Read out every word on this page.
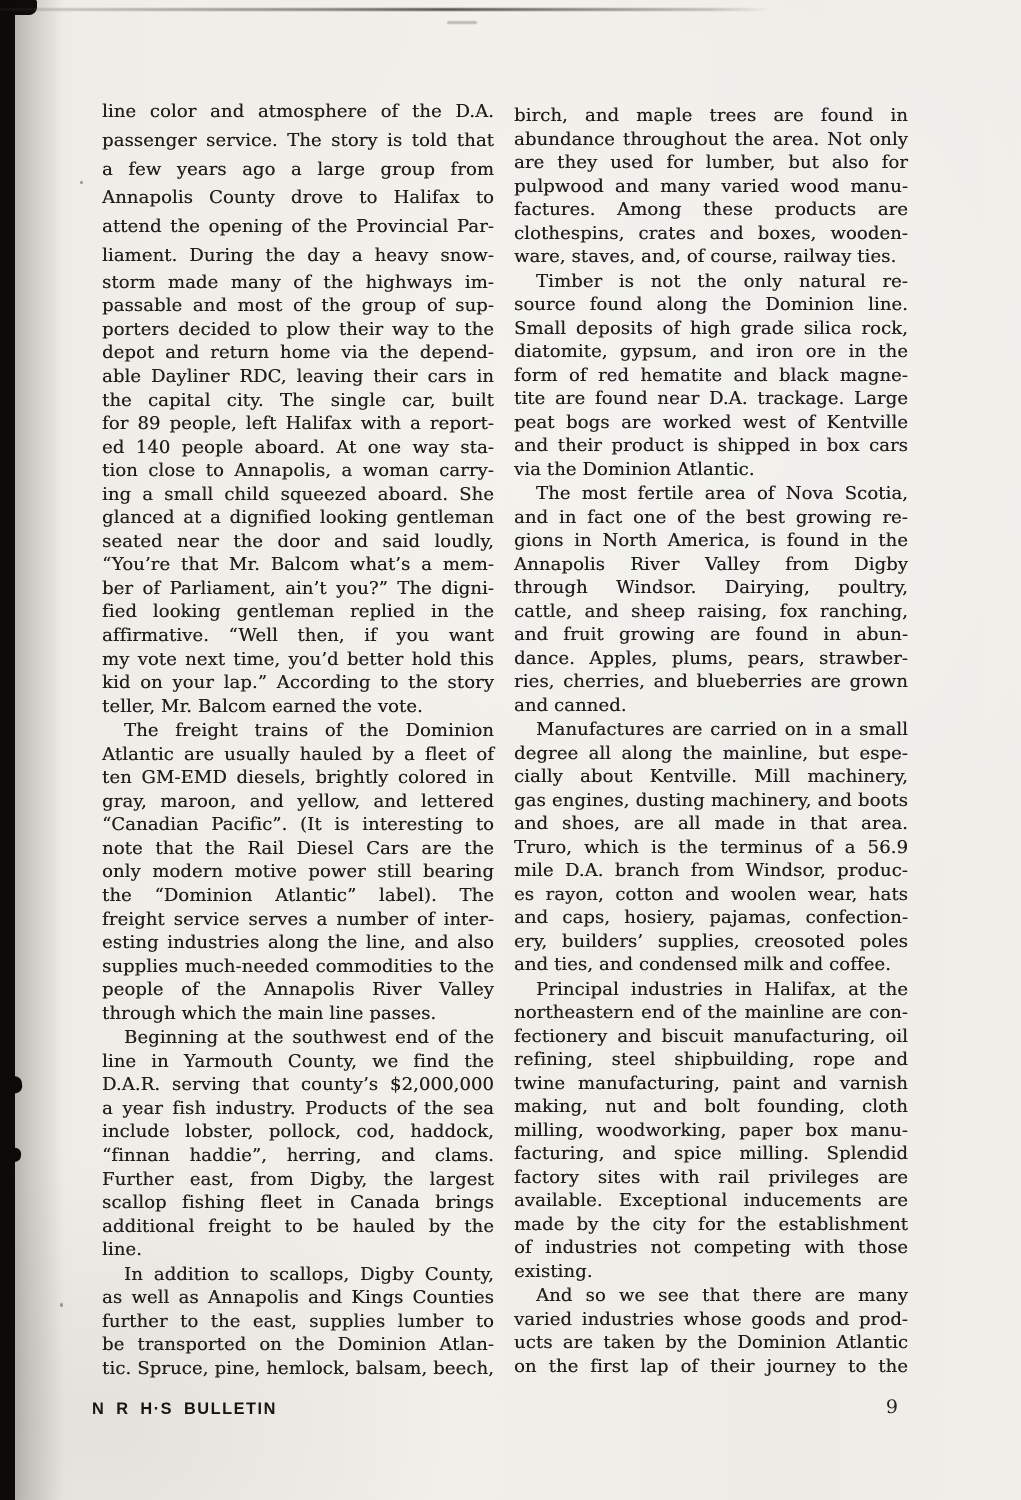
line color and atmosphere of the D.A.
passenger service. The story is told that
a few years ago a large group from
Annapolis County drove to Halifax to
attend the opening of the Provincial Par-
liament. During the day a heavy snow-
storm made many of the highways im-
passable and most of the group of sup-
porters decided to plow their way to the
depot and return home via the depend-
able Dayliner RDC, leaving their cars in
the capital city. The single car, built
for 89 people, left Halifax with a report-
ed 140 people aboard. At one way sta-
tion close to Annapolis, a woman carry-
ing a small child squeezed aboard. She
glanced at a dignified looking gentleman
seated near the door and said loudly,
“You’re that Mr. Balcom what’s a mem-
ber of Parliament, ain’t you?” The digni-
fied looking gentleman replied in the
affirmative. “Well then, if you want
my vote next time, you’d better hold this
kid on your lap.” According to the story
teller, Mr. Balcom earned the vote.
The freight trains of the Dominion
Atlantic are usually hauled by a fleet of
ten GM-EMD diesels, brightly colored in
gray, maroon, and yellow, and lettered
“Canadian Pacific”. (It is interesting to
note that the Rail Diesel Cars are the
only modern motive power still bearing
the “Dominion Atlantic” label). The
freight service serves a number of inter-
esting industries along the line, and also
supplies much-needed commodities to the
people of the Annapolis River Valley
through which the main line passes.
Beginning at the southwest end of the
line in Yarmouth County, we find the
D.A.R. serving that county’s $2,000,000
a year fish industry. Products of the sea
include lobster, pollock, cod, haddock,
“finnan haddie”, herring, and clams.
Further east, from Digby, the largest
scallop fishing fleet in Canada brings
additional freight to be hauled by the
line.
In addition to scallops, Digby County,
as well as Annapolis and Kings Counties
further to the east, supplies lumber to
be transported on the Dominion Atlan-
tic. Spruce, pine, hemlock, balsam, beech,
birch, and maple trees are found in
abundance throughout the area. Not only
are they used for lumber, but also for
pulpwood and many varied wood manu-
factures. Among these products are
clothespins, crates and boxes, wooden-
ware, staves, and, of course, railway ties.
Timber is not the only natural re-
source found along the Dominion line.
Small deposits of high grade silica rock,
diatomite, gypsum, and iron ore in the
form of red hematite and black magne-
tite are found near D.A. trackage. Large
peat bogs are worked west of Kentville
and their product is shipped in box cars
via the Dominion Atlantic.
The most fertile area of Nova Scotia,
and in fact one of the best growing re-
gions in North America, is found in the
Annapolis River Valley from Digby
through Windsor. Dairying, poultry,
cattle, and sheep raising, fox ranching,
and fruit growing are found in abun-
dance. Apples, plums, pears, strawber-
ries, cherries, and blueberries are grown
and canned.
Manufactures are carried on in a small
degree all along the mainline, but espe-
cially about Kentville. Mill machinery,
gas engines, dusting machinery, and boots
and shoes, are all made in that area.
Truro, which is the terminus of a 56.9
mile D.A. branch from Windsor, produc-
es rayon, cotton and woolen wear, hats
and caps, hosiery, pajamas, confection-
ery, builders’ supplies, creosoted poles
and ties, and condensed milk and coffee.
Principal industries in Halifax, at the
northeastern end of the mainline are con-
fectionery and biscuit manufacturing, oil
refining, steel shipbuilding, rope and
twine manufacturing, paint and varnish
making, nut and bolt founding, cloth
milling, woodworking, paper box manu-
facturing, and spice milling. Splendid
factory sites with rail privileges are
available. Exceptional inducements are
made by the city for the establishment
of industries not competing with those
existing.
And so we see that there are many
varied industries whose goods and prod-
ucts are taken by the Dominion Atlantic
on the first lap of their journey to the
N R H·S BULLETIN	9
